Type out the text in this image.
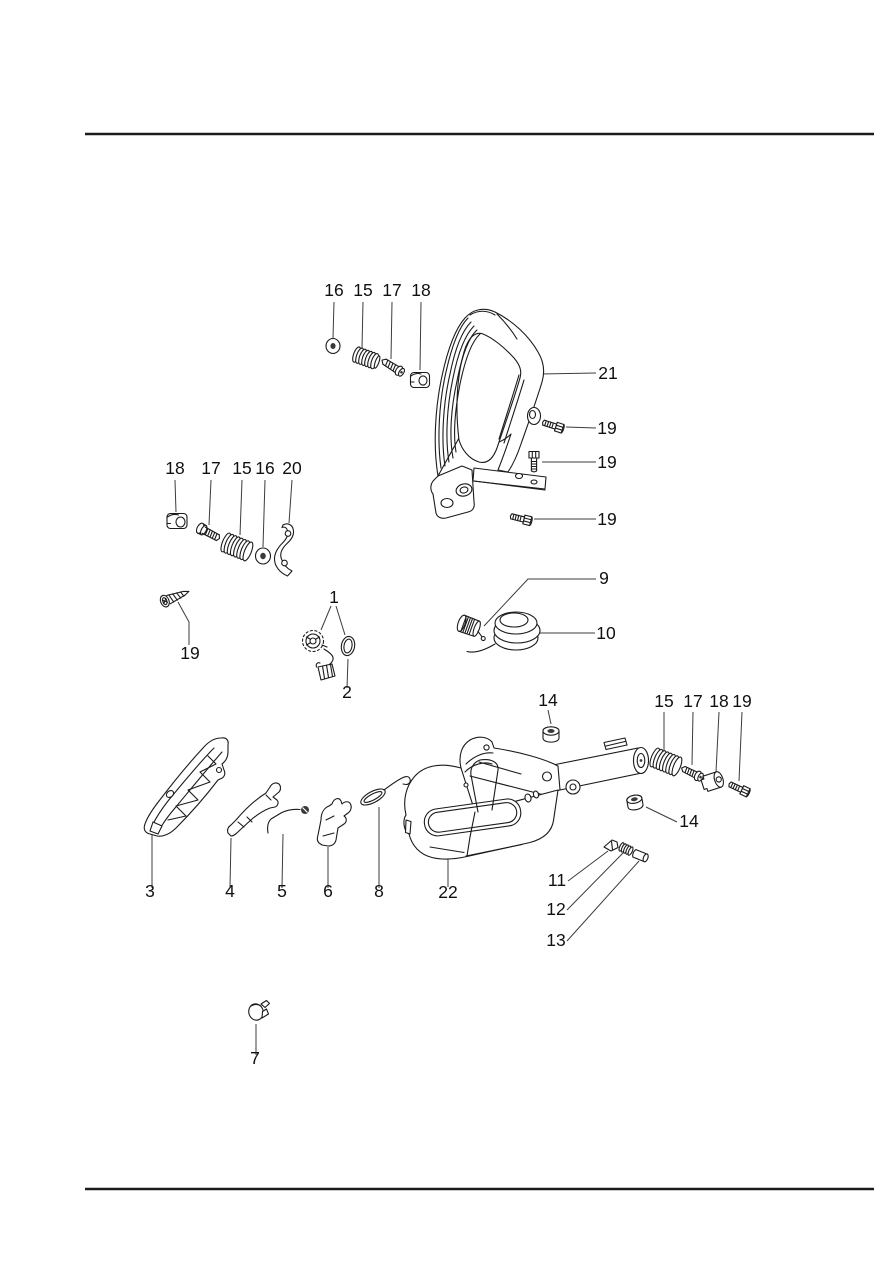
16 15 17 18
21
19
19
19
18 17 15 16 20
19
1
2
9
10
14	15 17 18 19
14
22
3	4 5 6 8
11
12
13
7
